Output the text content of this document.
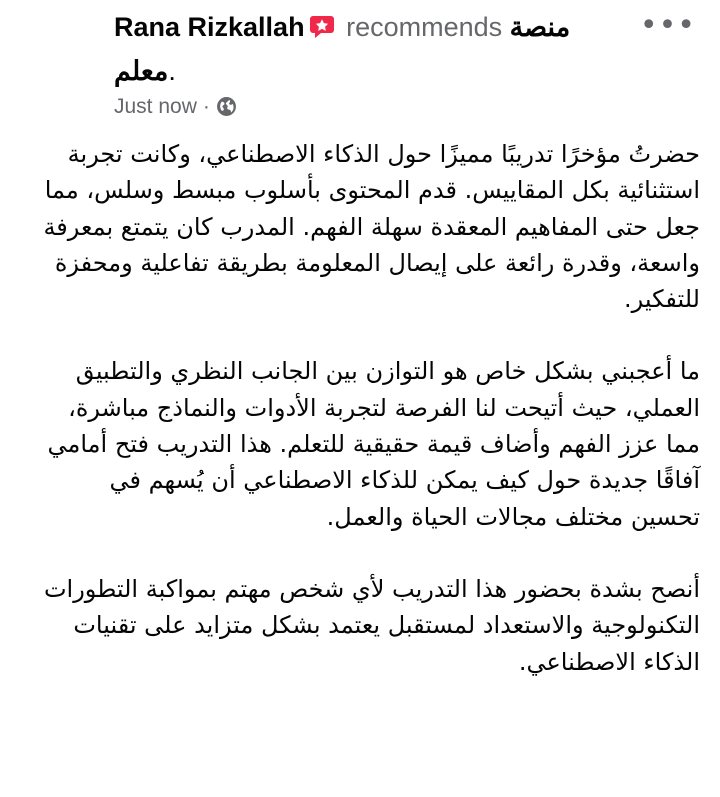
Rana Rizkallah recommends منصة
معلم.
Just now ·
•••

حضرتُ مؤخرًا تدريبًا مميزًا حول الذكاء الاصطناعي، وكانت تجربة استثنائية بكل المقاييس. قدم المحتوى بأسلوب مبسط وسلس، مما جعل حتى المفاهيم المعقدة سهلة الفهم. المدرب كان يتمتع بمعرفة واسعة، وقدرة رائعة على إيصال المعلومة بطريقة تفاعلية ومحفزة للتفكير.

ما أعجبني بشكل خاص هو التوازن بين الجانب النظري والتطبيق العملي، حيث أتيحت لنا الفرصة لتجربة الأدوات والنماذج مباشرة، مما عزز الفهم وأضاف قيمة حقيقية للتعلم. هذا التدريب فتح أمامي آفاقًا جديدة حول كيف يمكن للذكاء الاصطناعي أن يُسهم في تحسين مختلف مجالات الحياة والعمل.

أنصح بشدة بحضور هذا التدريب لأي شخص مهتم بمواكبة التطورات التكنولوجية والاستعداد لمستقبل يعتمد بشكل متزايد على تقنيات الذكاء الاصطناعي.
